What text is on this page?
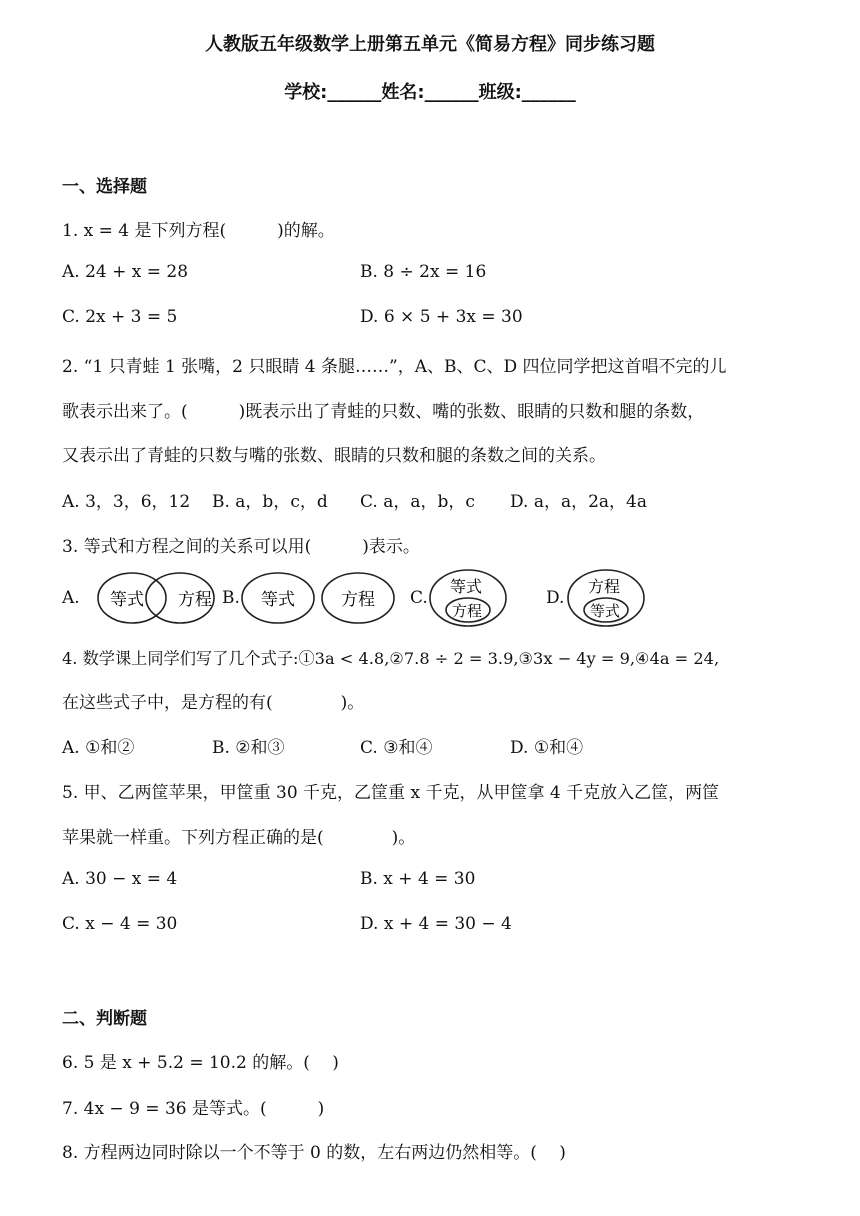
人教版五年级数学上册第五单元《简易方程》同步练习题
学校:______姓名:______班级:______
一、选择题
1. x = 4 是下列方程(　　　)的解。
A. 24 + x = 28	B. 8 ÷ 2x = 16
C. 2x + 3 = 5	D. 6 × 5 + 3x = 30
2. “1 只青蛙 1 张嘴，2 只眼睛 4 条腿……”，A、B、C、D 四位同学把这首唱不完的儿
歌表示出来了。(　　　)既表示出了青蛙的只数、嘴的张数、眼睛的只数和腿的条数，
又表示出了青蛙的只数与嘴的张数、眼睛的只数和腿的条数之间的关系。
A. 3，3，6，12 B. a，b，c，d C. a，a，b，c D. a，a，2a，4a
3. 等式和方程之间的关系可以用(　　　)表示。
A. 等式 方程 B. 等式	方程 C.
等式
方程
D.
方程
等式
4. 数学课上同学们写了几个式子:①3a < 4.8,②7.8 ÷ 2 = 3.9,③3x − 4y = 9,④4a = 24,
在这些式子中，是方程的有(　　　　)。
A. ①和②	B. ②和③	C. ③和④	D. ①和④
5. 甲、乙两筐苹果，甲筐重 30 千克，乙筐重 x 千克，从甲筐拿 4 千克放入乙筐，两筐
苹果就一样重。下列方程正确的是(　　　　)。
A. 30 − x = 4	B. x + 4 = 30
C. x − 4 = 30	D. x + 4 = 30 − 4
二、判断题
6. 5 是 x + 5.2 = 10.2 的解。(　 )
7. 4x − 9 = 36 是等式。(　　　)
8. 方程两边同时除以一个不等于 0 的数，左右两边仍然相等。(　 )
